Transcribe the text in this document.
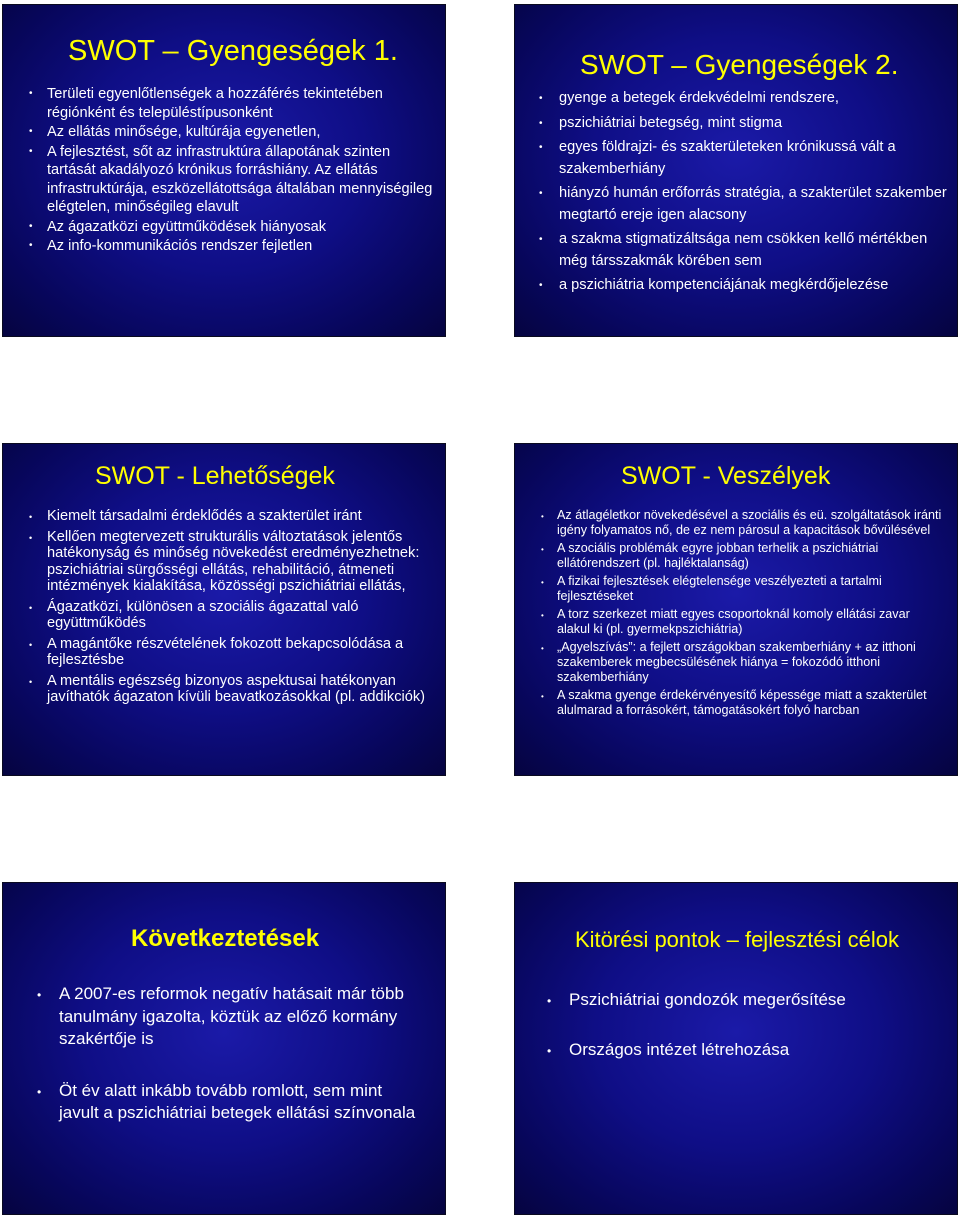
SWOT – Gyengeségek 1.
• Területi egyenlőtlenségek a hozzáférés tekintetében régiónként és településtípusonként
• Az ellátás minősége, kultúrája egyenetlen,
• A fejlesztést, sőt az infrastruktúra állapotának szinten tartását akadályozó krónikus forráshiány. Az ellátás infrastruktúrája, eszközellátottsága általában mennyiségileg elégtelen, minőségileg elavult
• Az ágazatközi együttműködések hiányosak
• Az info-kommunikációs rendszer fejletlen
SWOT – Gyengeségek 2.
• gyenge a betegek érdekvédelmi rendszere,
• pszichiátriai betegség, mint stigma
• egyes földrajzi- és szakterületeken krónikussá vált a szakemberhiány
• hiányzó humán erőforrás stratégia, a szakterület szakember megtartó ereje igen alacsony
• a szakma stigmatizáltsága nem csökken kellő mértékben még társszakmák körében sem
• a pszichiátria kompetenciájának megkérdőjelezése
SWOT - Lehetőségek
• Kiemelt társadalmi érdeklődés a szakterület iránt
• Kellően megtervezett strukturális változtatások jelentős hatékonyság és minőség növekedést eredményezhetnek: pszichiátriai sürgősségi ellátás, rehabilitáció, átmeneti intézmények kialakítása, közösségi pszichiátriai ellátás,
• Ágazatközi, különösen a szociális ágazattal való együttműködés
• A magántőke részvételének fokozott bekapcsolódása a fejlesztésbe
• A mentális egészség bizonyos aspektusai hatékonyan javíthatók ágazaton kívüli beavatkozásokkal (pl. addikciók)
SWOT - Veszélyek
• Az átlagéletkor növekedésével a szociális és eü. szolgáltatások iránti igény folyamatos nő, de ez nem párosul a kapacitások bővülésével
• A szociális problémák egyre jobban terhelik a pszichiátriai ellátórendszert (pl. hajléktalanság)
• A fizikai fejlesztések elégtelensége veszélyezteti a tartalmi fejlesztéseket
• A torz szerkezet miatt egyes csoportoknál komoly ellátási zavar alakul ki (pl. gyermekpszichiátria)
• „Agyelszívás”: a fejlett országokban szakemberhiány + az itthoni szakemberek megbecsülésének hiánya = fokozódó itthoni szakemberhiány
• A szakma gyenge érdekérvényesítő képessége miatt a szakterület alulmarad a forrásokért, támogatásokért folyó harcban
Következtetések
• A 2007-es reformok negatív hatásait már több tanulmány igazolta, köztük az előző kormány szakértője is
• Öt év alatt inkább tovább romlott, sem mint javult a pszichiátriai betegek ellátási színvonala
Kitörési pontok – fejlesztési célok
• Pszichiátriai gondozók megerősítése
• Országos intézet létrehozása
